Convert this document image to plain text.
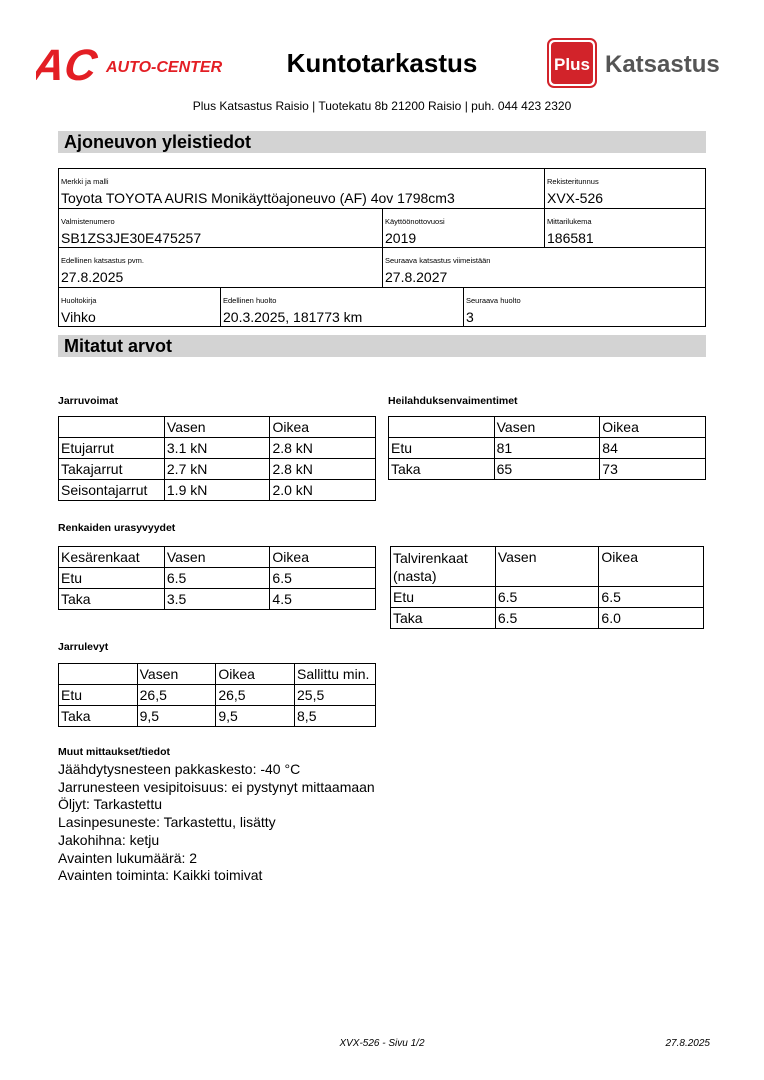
AC AUTO-CENTER	Kuntotarkastus	Plus Katsastus
Plus Katsastus Raisio | Tuotekatu 8b 21200 Raisio | puh. 044 423 2320
Ajoneuvon yleistiedot
Merkki ja malli
Toyota TOYOTA AURIS Monikäyttöajoneuvo (AF) 4ov 1798cm3
Rekisteritunnus
XVX-526
Valmistenumero
SB1ZS3JE30E475257
Käyttöönottovuosi
2019
Mittarilukema
186581
Edellinen katsastus pvm.
27.8.2025
Seuraava katsastus viimeistään
27.8.2027
Huoltokirja
Vihko
Edellinen huolto
20.3.2025, 181773 km
Seuraava huolto
3
Mitatut arvot
Jarruvoimat
	Vasen	Oikea
Etujarrut	3.1 kN	2.8 kN
Takajarrut	2.7 kN	2.8 kN
Seisontajarrut	1.9 kN	2.0 kN
Heilahduksenvaimentimet
	Vasen	Oikea
Etu	81	84
Taka	65	73
Renkaiden urasyvyydet
Kesärenkaat	Vasen	Oikea
Etu	6.5	6.5
Taka	3.5	4.5
Talvirenkaat
(nasta)	Vasen	Oikea
Etu	6.5	6.5
Taka	6.5	6.0
Jarrulevyt
	Vasen	Oikea	Sallittu min.
Etu	26,5	26,5	25,5
Taka	9,5	9,5	8,5
Muut mittaukset/tiedot
Jäähdytysnesteen pakkaskesto: -40 °C
Jarrunesteen vesipitoisuus: ei pystynyt mittaamaan
Öljyt: Tarkastettu
Lasinpesuneste: Tarkastettu, lisätty
Jakohihna: ketju
Avainten lukumäärä: 2
Avainten toiminta: Kaikki toimivat
XVX-526 - Sivu 1/2	27.8.2025
